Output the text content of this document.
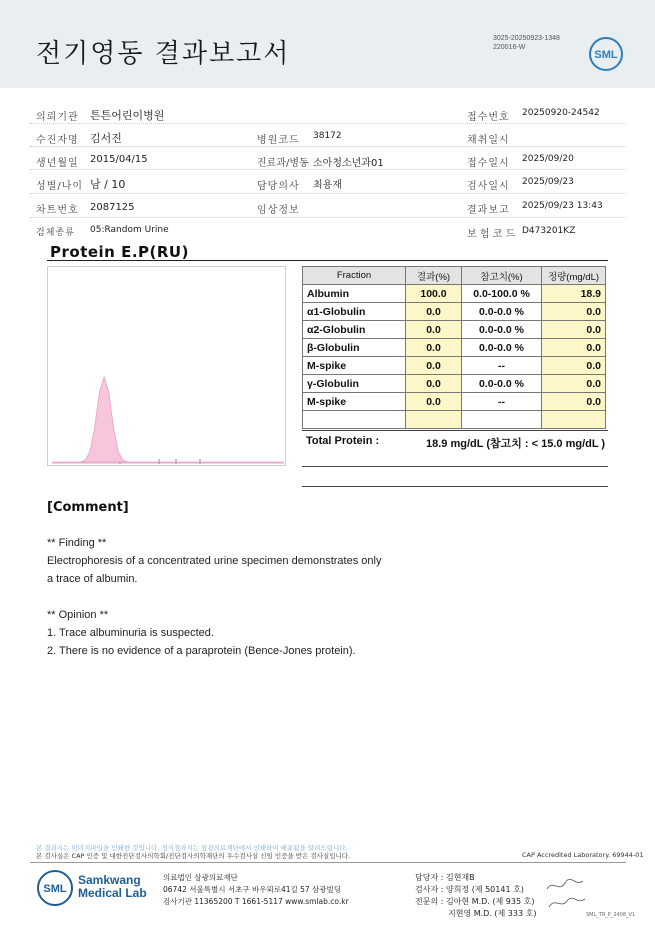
전기영동 결과보고서
3025-20250923-1348
220016-W
SML
의뢰기관 튼튼어린이병원	접수번호 20250920-24542
수진자명 김서진	병원코드 38172	채취일시
생년월일 2015/04/15	진료과/병동 소아청소년과01	접수일시 2025/09/20
성별/나이 남 / 10	담당의사 최용재	검사일시 2025/09/23
차트번호 2087125	임상정보	결과보고 2025/09/23 13:43
검체종류 05:Random Urine	보 험 코 드 D473201KZ
Protein E.P(RU)
Fraction	결과(%)	참고치(%)	정량(mg/dL)
Albumin	100.0	0.0-100.0 %	18.9
α1-Globulin	0.0	0.0-0.0 %	0.0
α2-Globulin	0.0	0.0-0.0 %	0.0
β-Globulin	0.0	0.0-0.0 %	0.0
M-spike	0.0	--	0.0
γ-Globulin	0.0	0.0-0.0 %	0.0
M-spike	0.0	--	0.0

Total Protein :	18.9 mg/dL (참고치 : < 15.0 mg/dL )
[Comment]
** Finding **
Electrophoresis of a concentrated urine specimen demonstrates only
a trace of albumin.
** Opinion **
1. Trace albuminuria is suspected.
2. There is no evidence of a paraprotein (Bence-Jones protein).
본 결과지는 이미지파일을 인쇄한 것입니다. 정식결과지는 삼광의료재단에서 인쇄하여 배포됨을 알려드립니다.
본 검사실은 CAP 인증 및 대한진단검사의학회/진단검사의학재단의 우수검사실 신임 인증을 받은 검사실입니다.	CAP Accredited Laboratory. 69944-01
SML
Samkwang
Medical Lab
의료법인 삼광의료재단
06742 서울특별시 서초구 바우뫼로41길 57 삼광빌딩
검사기관 11365200 T 1661-5117 www.smlab.co.kr
담당자 : 김현재B
검사자 : 양희정 (제 50141 호)
전문의 : 김아현 M.D. (제 935 호)
지현영 M.D. (제 333 호)	SML_TR_P_2408_V1
